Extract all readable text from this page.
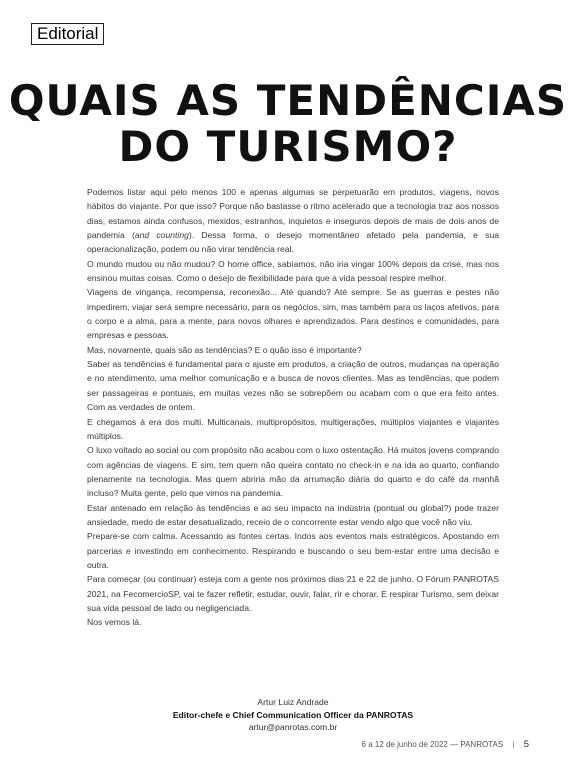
Editorial
QUAIS AS TENDÊNCIAS
DO TURISMO?

Podemos listar aqui pelo menos 100 e apenas algumas se perpetuarão em produtos, viagens, novos hábitos do viajante. Por que isso? Porque não bastasse o ritmo acelerado que a tecnologia traz aos nossos dias, estamos ainda confusos, mexidos, estranhos, inquietos e inseguros depois de mais de dois anos de pandemia (and counting). Dessa forma, o desejo momentâneo afetado pela pandemia, e sua operacionalização, podem ou não virar tendência real.

O mundo mudou ou não mudou? O home office, sabíamos, não iria vingar 100% depois da crise, mas nos ensinou muitas coisas. Como o desejo de flexibilidade para que a vida pessoal respire melhor.

Viagens de vingança, recompensa, reconexão... Até quando? Até sempre. Se as guerras e pestes não impedirem, viajar será sempre necessário, para os negócios, sim, mas também para os laços afetivos, para o corpo e a alma, para a mente, para novos olhares e aprendizados. Para destinos e comunidades, para empresas e pessoas.

Mas, novamente, quais são as tendências? E o quão isso é importante?

Saber as tendências é fundamental para o ajuste em produtos, a criação de outros, mudanças na operação e no atendimento, uma melhor comunicação e a busca de novos clientes. Mas as tendências, que podem ser passageiras e pontuais, em muitas vezes não se sobrepõem ou acabam com o que era feito antes. Com as verdades de ontem.

E chegamos à era dos multi. Multicanais, multipropósitos, multigerações, múltiplos viajantes e viajantes múltiplos.

O luxo voltado ao social ou com propósito não acabou com o luxo ostentação. Há muitos jovens comprando com agências de viagens. E sim, tem quem não queira contato no check-in e na ida ao quarto, confiando plenamente na tecnologia. Mas quem abriria mão da arrumação diária do quarto e do café da manhã incluso? Muita gente, pelo que vimos na pandemia.

Estar antenado em relação às tendências e ao seu impacto na indústria (pontual ou global?) pode trazer ansiedade, medo de estar desatualizado, receio de o concorrente estar vendo algo que você não viu.

Prepare-se com calma. Acessando as fontes certas. Indos aos eventos mais estratégicos. Apostando em parcerias e investindo em conhecimento. Respirando e buscando o seu bem-estar entre uma decisão e outra.

Para começar (ou continuar) esteja com a gente nos próximos dias 21 e 22 de junho. O Fórum PANROTAS 2021, na FecomercioSP, vai te fazer refletir, estudar, ouvir, falar, rir e chorar. E respirar Turismo, sem deixar sua vida pessoal de lado ou negligenciada.

Nos vemos lá.

Artur Luiz Andrade
Editor-chefe e Chief Communication Officer da PANROTAS
artur@panrotas.com.br
6 a 12 de junho de 2022 — PANROTAS | 5
